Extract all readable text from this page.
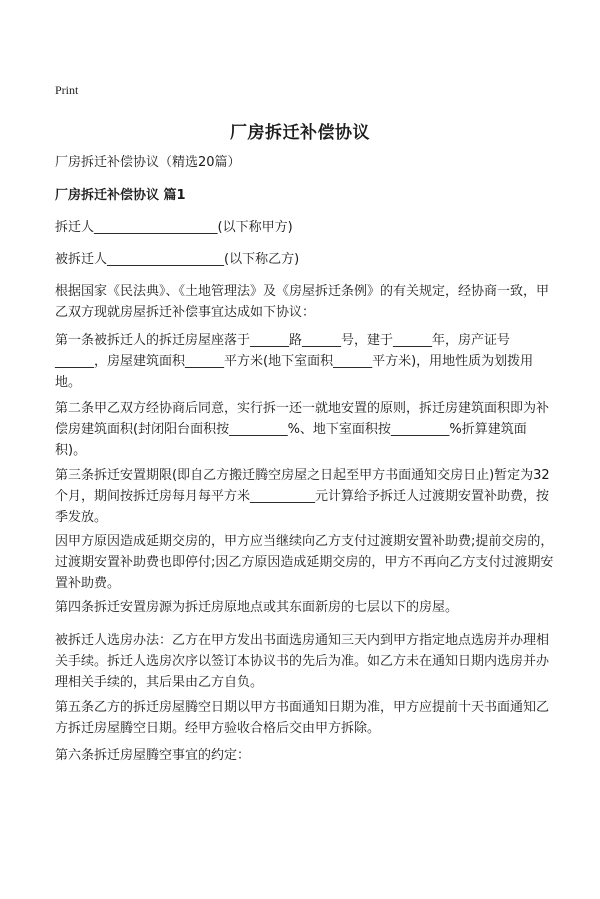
Print
厂房拆迁补偿协议

厂房拆迁补偿协议（精选20篇）

厂房拆迁补偿协议 篇1

拆迁人___________________(以下称甲方)

被拆迁人__________________(以下称乙方)

根据国家《民法典》、《土地管理法》及《房屋拆迁条例》的有关规定，经协商一致，甲乙双方现就房屋拆迁补偿事宜达成如下协议：

第一条被拆迁人的拆迁房屋座落于______路______号，建于______年，房产证号______，房屋建筑面积______平方米(地下室面积______平方米)，用地性质为划拨用地。

第二条甲乙双方经协商后同意，实行拆一还一就地安置的原则，拆迁房建筑面积即为补偿房建筑面积(封闭阳台面积按_________%、地下室面积按_________%折算建筑面积)。

第三条拆迁安置期限(即自乙方搬迁腾空房屋之日起至甲方书面通知交房日止)暂定为32个月，期间按拆迁房每月每平方米__________元计算给予拆迁人过渡期安置补助费，按季发放。

因甲方原因造成延期交房的，甲方应当继续向乙方支付过渡期安置补助费;提前交房的，过渡期安置补助费也即停付;因乙方原因造成延期交房的，甲方不再向乙方支付过渡期安置补助费。

第四条拆迁安置房源为拆迁房原地点或其东面新房的七层以下的房屋。

被拆迁人选房办法：乙方在甲方发出书面选房通知三天内到甲方指定地点选房并办理相关手续。拆迁人选房次序以签订本协议书的先后为准。如乙方未在通知日期内选房并办理相关手续的，其后果由乙方自负。

第五条乙方的拆迁房屋腾空日期以甲方书面通知日期为准，甲方应提前十天书面通知乙方拆迁房屋腾空日期。经甲方验收合格后交由甲方拆除。

第六条拆迁房屋腾空事宜的约定：
